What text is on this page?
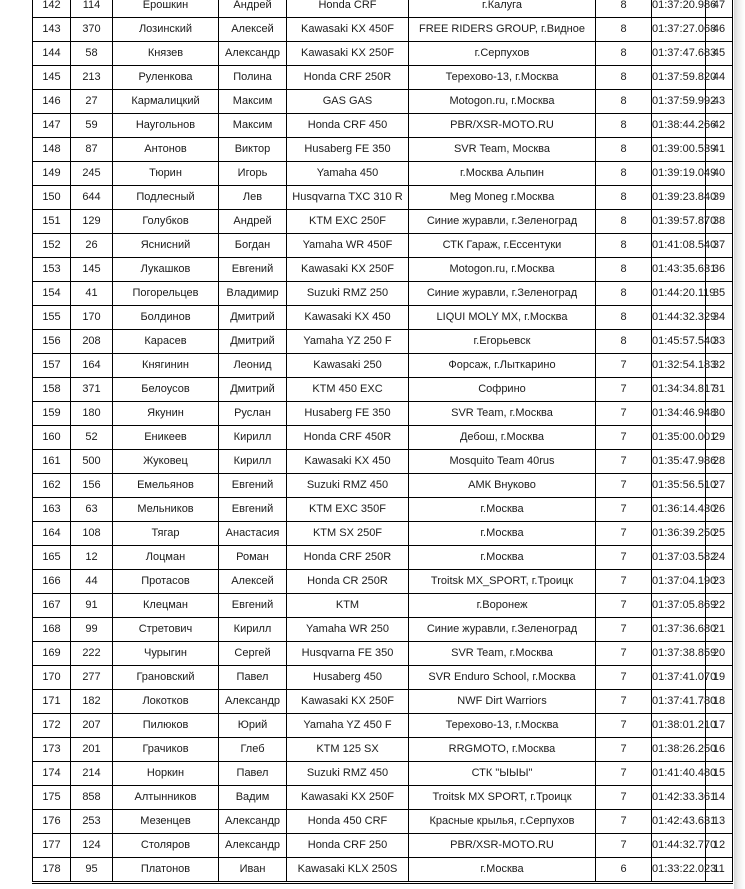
142	114	Ерошкин	Андрей	Honda CRF	г.Калуга	8	01:37:20.986	47
143	370	Лозинский	Алексей	Kawasaki KX 450F	FREE RIDERS GROUP, г.Видное	8	01:37:27.068	46
144	58	Князев	Александр	Kawasaki KX 250F	г.Серпухов	8	01:37:47.683	45
145	213	Руленкова	Полина	Honda CRF 250R	Терехово-13, г.Москва	8	01:37:59.820	44
146	27	Кармалицкий	Максим	GAS GAS	Motogon.ru, г.Москва	8	01:37:59.992	43
147	59	Наугольнов	Максим	Honda CRF 450	PBR/XSR-MOTO.RU	8	01:38:44.266	42
148	87	Антонов	Виктор	Husaberg FE 350	SVR Team, Москва	8	01:39:00.539	41
149	245	Тюрин	Игорь	Yamaha 450	г.Москва Альпин	8	01:39:19.049	40
150	644	Подлесный	Лев	Husqvarna TXC 310 R	Meg Moneg г.Москва	8	01:39:23.840	39
151	129	Голубков	Андрей	KTM EXC 250F	Синие журавли, г.Зеленоград	8	01:39:57.870	38
152	26	Яснисний	Богдан	Yamaha WR 450F	СТК Гараж, г.Ессентуки	8	01:41:08.540	37
153	145	Лукашков	Евгений	Kawasaki KX 250F	Motogon.ru, г.Москва	8	01:43:35.631	36
154	41	Погорельцев	Владимир	Suzuki RMZ 250	Синие журавли, г.Зеленоград	8	01:44:20.119	35
155	170	Болдинов	Дмитрий	Kawasaki KX 450	LIQUI MOLY MX, г.Москва	8	01:44:32.329	34
156	208	Карасев	Дмитрий	Yamaha YZ 250 F	г.Егорьевск	8	01:45:57.540	33
157	164	Княгинин	Леонид	Kawasaki 250	Форсаж, г.Лыткарино	7	01:32:54.183	32
158	371	Белоусов	Дмитрий	KTM 450 EXC	Софрино	7	01:34:34.817	31
159	180	Якунин	Руслан	Husaberg FE 350	SVR Team, г.Москва	7	01:34:46.948	30
160	52	Еникеев	Кирилл	Honda CRF 450R	Дебош, г.Москва	7	01:35:00.001	29
161	500	Жуковец	Кирилл	Kawasaki KX 450	Mosquito Team 40rus	7	01:35:47.986	28
162	156	Емельянов	Евгений	Suzuki RMZ 450	АМК Внуково	7	01:35:56.510	27
163	63	Мельников	Евгений	KTM EXC 350F	г.Москва	7	01:36:14.430	26
164	108	Тягар	Анастасия	KTM SX 250F	г.Москва	7	01:36:39.250	25
165	12	Лоцман	Роман	Honda CRF 250R	г.Москва	7	01:37:03.582	24
166	44	Протасов	Алексей	Honda CR 250R	Troitsk MX_SPORT, г.Троицк	7	01:37:04.190	23
167	91	Клецман	Евгений	KTM	г.Воронеж	7	01:37:05.869	22
168	99	Стретович	Кирилл	Yamaha WR 250	Синие журавли, г.Зеленоград	7	01:37:36.680	21
169	222	Чурыгин	Сергей	Husqvarna FE 350	SVR Team, г.Москва	7	01:37:38.859	20
170	277	Грановский	Павел	Husaberg 450	SVR Enduro School, г.Москва	7	01:37:41.070	19
171	182	Локотков	Александр	Kawasaki KX 250F	NWF Dirt Warriors	7	01:37:41.780	18
172	207	Пилюков	Юрий	Yamaha YZ 450 F	Терехово-13, г.Москва	7	01:38:01.210	17
173	201	Грачиков	Глеб	KTM 125 SX	RRGMOTO, г.Москва	7	01:38:26.250	16
174	214	Норкин	Павел	Suzuki RMZ 450	СТК "ЫЫЫ"	7	01:41:40.480	15
175	858	Алтынников	Вадим	Kawasaki KX 250F	Troitsk MX SPORT, г.Троицк	7	01:42:33.361	14
176	253	Мезенцев	Александр	Honda 450 CRF	Красные крылья, г.Серпухов	7	01:42:43.631	13
177	124	Столяров	Александр	Honda CRF 250	PBR/XSR-MOTO.RU	7	01:44:32.770	12
178	95	Платонов	Иван	Kawasaki KLX 250S	г.Москва	6	01:33:22.023	11
